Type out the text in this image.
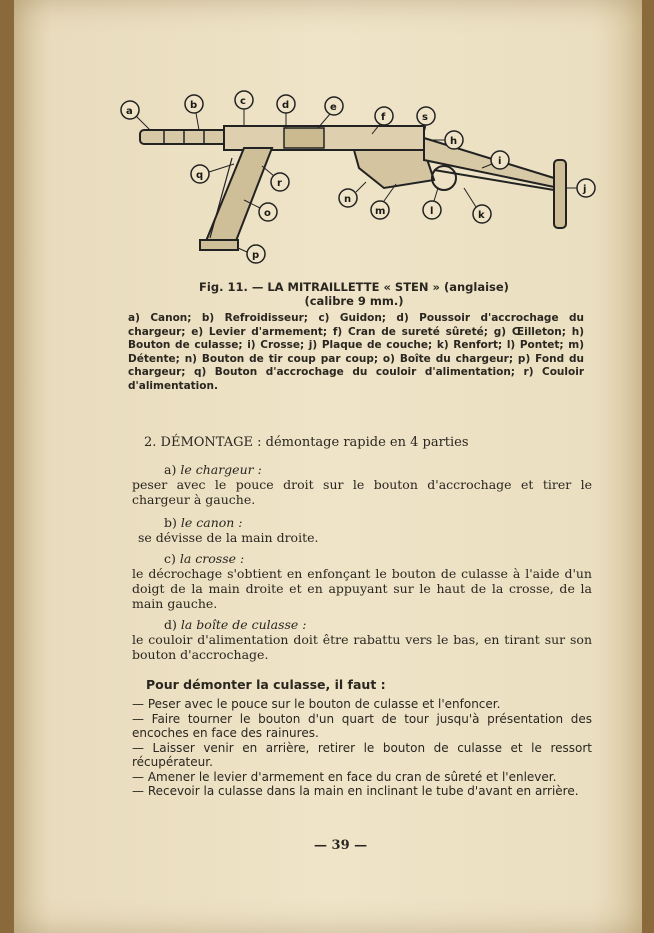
a
b	c	d	e
f	s
h
i
j
k
l
m
n
o
p
q
r
Fig. 11. — LA MITRAILLETTE « STEN » (anglaise)
(calibre 9 mm.)
a) Canon; b) Refroidisseur; c) Guidon; d) Poussoir d'accrochage du chargeur; e) Levier d'armement; f) Cran de sureté sûreté; g) Œilleton; h) Bouton de culasse; i) Crosse; j) Plaque de couche; k) Renfort; l) Pontet; m) Détente; n) Bouton de tir coup par coup; o) Boîte du chargeur; p) Fond du chargeur; q) Bouton d'accrochage du couloir d'alimentation; r) Couloir d'alimentation.
2. DÉMONTAGE : démontage rapide en 4 parties
a) le chargeur :
peser avec le pouce droit sur le bouton d'accrochage et tirer le chargeur à gauche.
b) le canon :
se dévisse de la main droite.
c) la crosse :
le décrochage s'obtient en enfonçant le bouton de culasse à l'aide d'un doigt de la main droite et en appuyant sur le haut de la crosse, de la main gauche.
d) la boîte de culasse :
le couloir d'alimentation doit être rabattu vers le bas, en tirant sur son bouton d'accrochage.
Pour démonter la culasse, il faut :
— Peser avec le pouce sur le bouton de culasse et l'enfoncer.
— Faire tourner le bouton d'un quart de tour jusqu'à présentation des encoches en face des rainures.
— Laisser venir en arrière, retirer le bouton de culasse et le ressort récupérateur.
— Amener le levier d'armement en face du cran de sûreté et l'enlever.
— Recevoir la culasse dans la main en inclinant le tube d'avant en arrière.
— 39 —
